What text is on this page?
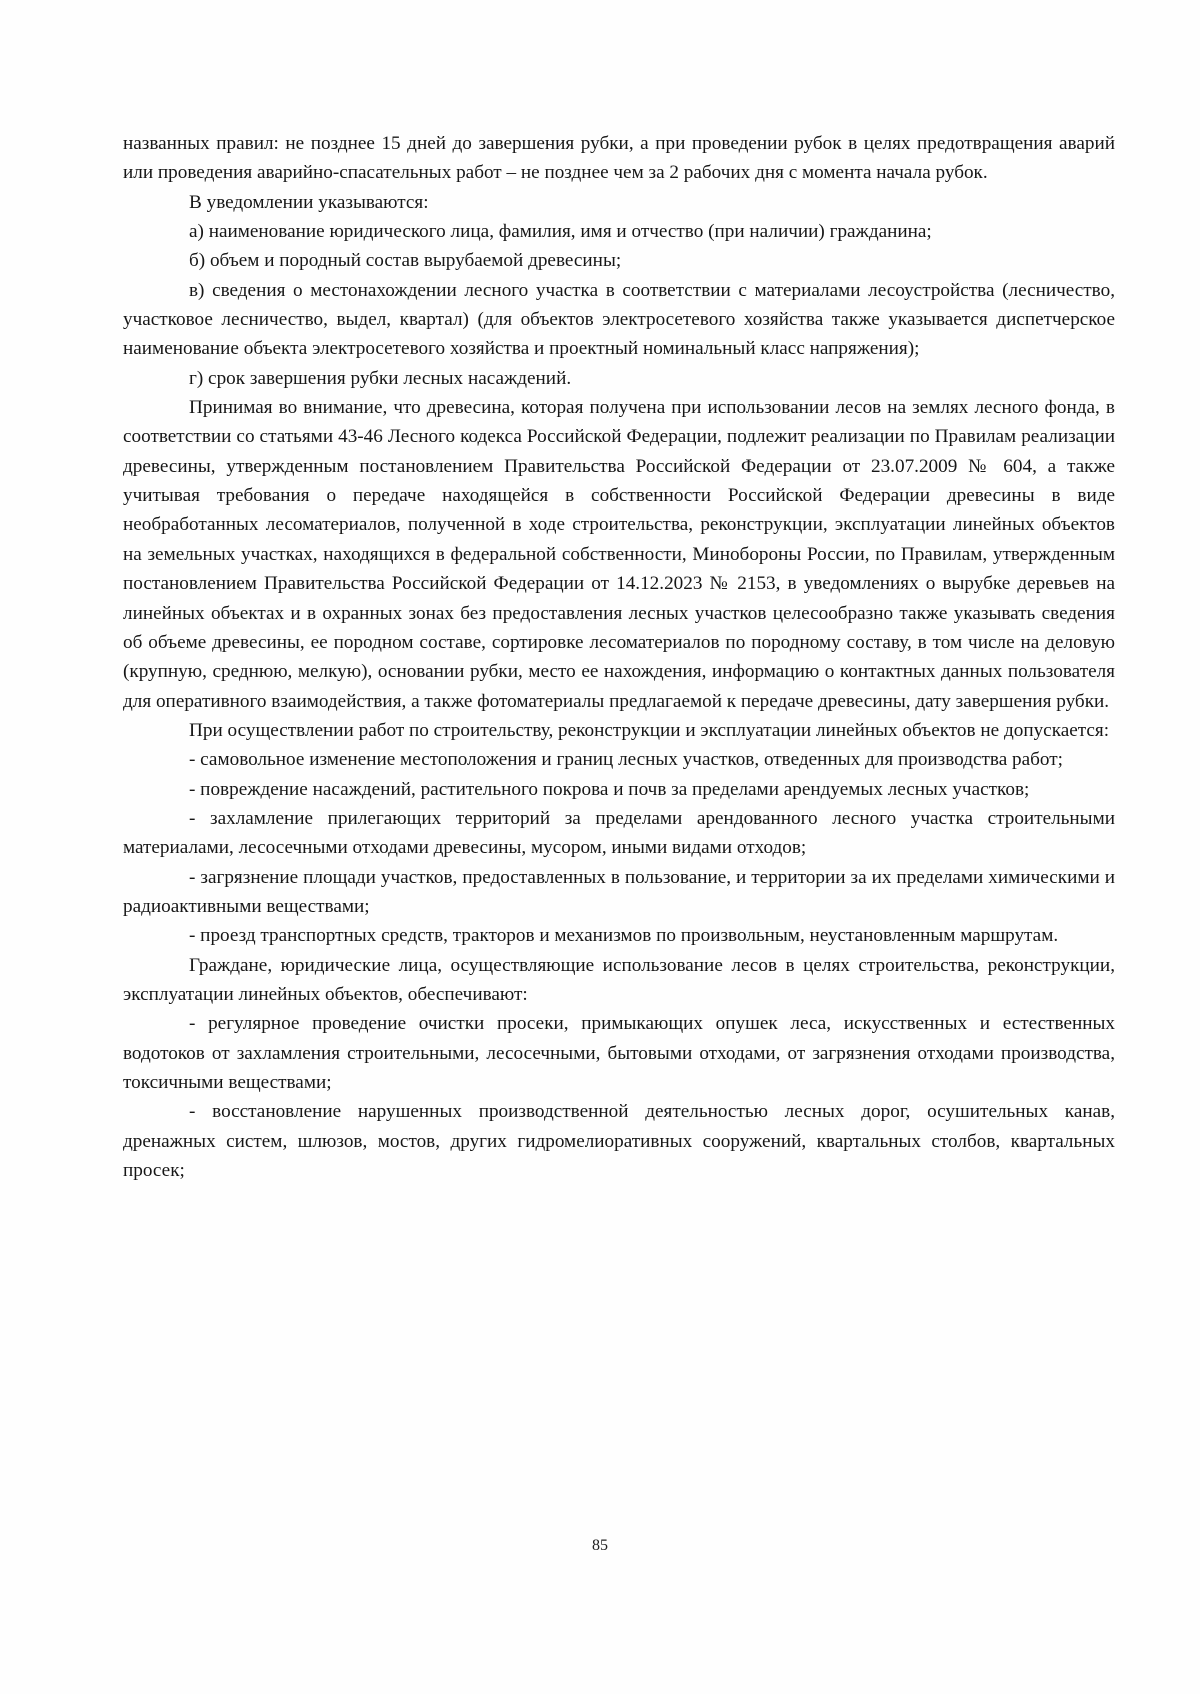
названных правил: не позднее 15 дней до завершения рубки, а при проведении рубок в целях предотвращения аварий или проведения аварийно-спасательных работ – не позднее чем за 2 рабочих дня с момента начала рубок.

В уведомлении указываются:

а) наименование юридического лица, фамилия, имя и отчество (при наличии) гражданина;

б) объем и породный состав вырубаемой древесины;

в) сведения о местонахождении лесного участка в соответствии с материалами лесоустройства (лесничество, участковое лесничество, выдел, квартал) (для объектов электросетевого хозяйства также указывается диспетчерское наименование объекта электросетевого хозяйства и проектный номинальный класс напряжения);

г) срок завершения рубки лесных насаждений.

Принимая во внимание, что древесина, которая получена при использовании лесов на землях лесного фонда, в соответствии со статьями 43-46 Лесного кодекса Российской Федерации, подлежит реализации по Правилам реализации древесины, утвержденным постановлением Правительства Российской Федерации от 23.07.2009 № 604, а также учитывая требования о передаче находящейся в собственности Российской Федерации древесины в виде необработанных лесоматериалов, полученной в ходе строительства, реконструкции, эксплуатации линейных объектов на земельных участках, находящихся в федеральной собственности, Минобороны России, по Правилам, утвержденным постановлением Правительства Российской Федерации от 14.12.2023 № 2153, в уведомлениях о вырубке деревьев на линейных объектах и в охранных зонах без предоставления лесных участков целесообразно также указывать сведения об объеме древесины, ее породном составе, сортировке лесоматериалов по породному составу, в том числе на деловую (крупную, среднюю, мелкую), основании рубки, место ее нахождения, информацию о контактных данных пользователя для оперативного взаимодействия, а также фотоматериалы предлагаемой к передаче древесины, дату завершения рубки.

При осуществлении работ по строительству, реконструкции и эксплуатации линейных объектов не допускается:

- самовольное изменение местоположения и границ лесных участков, отведенных для производства работ;

- повреждение насаждений, растительного покрова и почв за пределами арендуемых лесных участков;

- захламление прилегающих территорий за пределами арендованного лесного участка строительными материалами, лесосечными отходами древесины, мусором, иными видами отходов;

- загрязнение площади участков, предоставленных в пользование, и территории за их пределами химическими и радиоактивными веществами;

- проезд транспортных средств, тракторов и механизмов по произвольным, неустановленным маршрутам.

Граждане, юридические лица, осуществляющие использование лесов в целях строительства, реконструкции, эксплуатации линейных объектов, обеспечивают:

- регулярное проведение очистки просеки, примыкающих опушек леса, искусственных и естественных водотоков от захламления строительными, лесосечными, бытовыми отходами, от загрязнения отходами производства, токсичными веществами;

- восстановление нарушенных производственной деятельностью лесных дорог, осушительных канав, дренажных систем, шлюзов, мостов, других гидромелиоративных сооружений, квартальных столбов, квартальных просек;

85
